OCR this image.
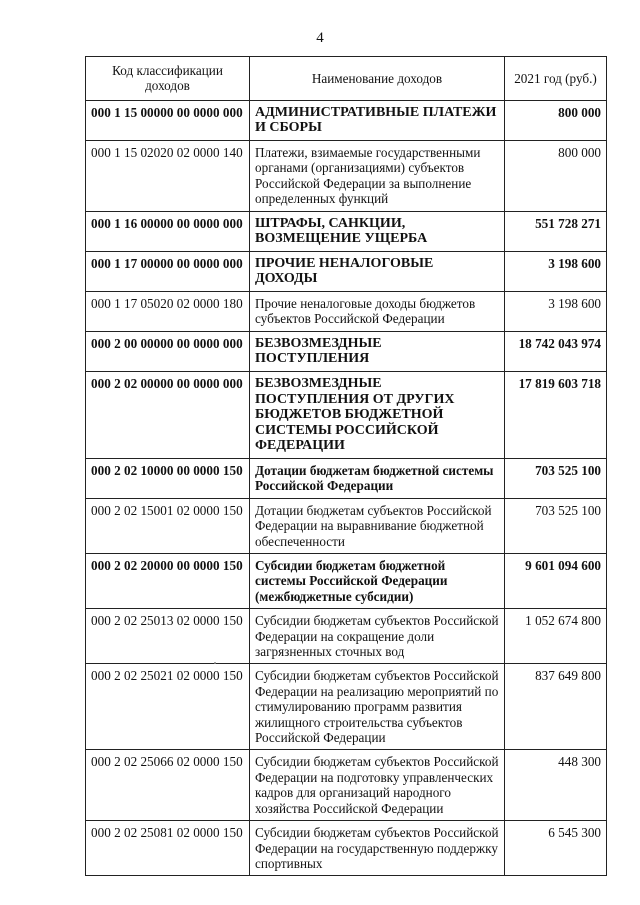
4
Код классификации доходов	Наименование доходов	2021 год (руб.)
000 1 15 00000 00 0000 000	АДМИНИСТРАТИВНЫЕ ПЛАТЕЖИ И СБОРЫ	800 000
000 1 15 02020 02 0000 140	Платежи, взимаемые государственными органами (организациями) субъектов Российской Федерации за выполнение определенных функций	800 000
000 1 16 00000 00 0000 000	ШТРАФЫ, САНКЦИИ, ВОЗМЕЩЕНИЕ УЩЕРБА	551 728 271
000 1 17 00000 00 0000 000	ПРОЧИЕ НЕНАЛОГОВЫЕ ДОХОДЫ	3 198 600
000 1 17 05020 02 0000 180	Прочие неналоговые доходы бюджетов субъектов Российской Федерации	3 198 600
000 2 00 00000 00 0000 000	БЕЗВОЗМЕЗДНЫЕ ПОСТУПЛЕНИЯ	18 742 043 974
000 2 02 00000 00 0000 000	БЕЗВОЗМЕЗДНЫЕ ПОСТУПЛЕНИЯ ОТ ДРУГИХ БЮДЖЕТОВ БЮДЖЕТНОЙ СИСТЕМЫ РОССИЙСКОЙ ФЕДЕРАЦИИ	17 819 603 718
000 2 02 10000 00 0000 150	Дотации бюджетам бюджетной системы Российской Федерации	703 525 100
000 2 02 15001 02 0000 150	Дотации бюджетам субъектов Российской Федерации на выравнивание бюджетной обеспеченности	703 525 100
000 2 02 20000 00 0000 150	Субсидии бюджетам бюджетной системы Российской Федерации (межбюджетные субсидии)	9 601 094 600
000 2 02 25013 02 0000 150	Субсидии бюджетам субъектов Российской Федерации на сокращение доли загрязненных сточных вод	1 052 674 800
000 2 02 25021 02 0000 150	Субсидии бюджетам субъектов Российской Федерации на реализацию мероприятий по стимулированию программ развития жилищного строительства субъектов Российской Федерации	837 649 800
000 2 02 25066 02 0000 150	Субсидии бюджетам субъектов Российской Федерации на подготовку управленческих кадров для организаций народного хозяйства Российской Федерации	448 300
000 2 02 25081 02 0000 150	Субсидии бюджетам субъектов Российской Федерации на государственную поддержку спортивных	6 545 300
